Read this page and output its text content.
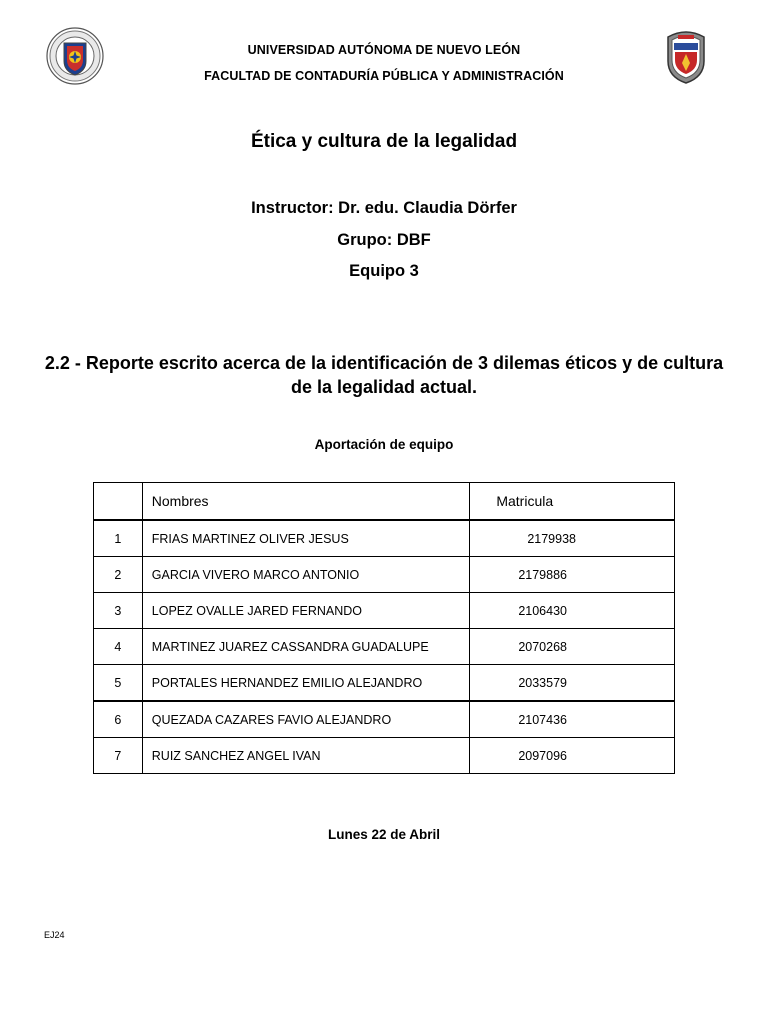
UNIVERSIDAD AUTÓNOMA DE NUEVO LEÓN
FACULTAD DE CONTADURÍA PÚBLICA Y ADMINISTRACIÓN
Ética y cultura de la legalidad
Instructor: Dr. edu. Claudia Dörfer
Grupo: DBF
Equipo 3
2.2 - Reporte escrito acerca de la identificación de 3 dilemas éticos y de cultura de la legalidad actual.
Aportación de equipo
	Nombres	Matricula
1	FRIAS MARTINEZ OLIVER JESUS	2179938
2	GARCIA VIVERO MARCO ANTONIO	2179886
3	LOPEZ OVALLE JARED FERNANDO	2106430
4	MARTINEZ JUAREZ CASSANDRA GUADALUPE	2070268
5	PORTALES HERNANDEZ EMILIO ALEJANDRO	2033579
6	QUEZADA CAZARES FAVIO ALEJANDRO	2107436
7	RUIZ SANCHEZ ANGEL IVAN	2097096
Lunes 22 de Abril
EJ24
